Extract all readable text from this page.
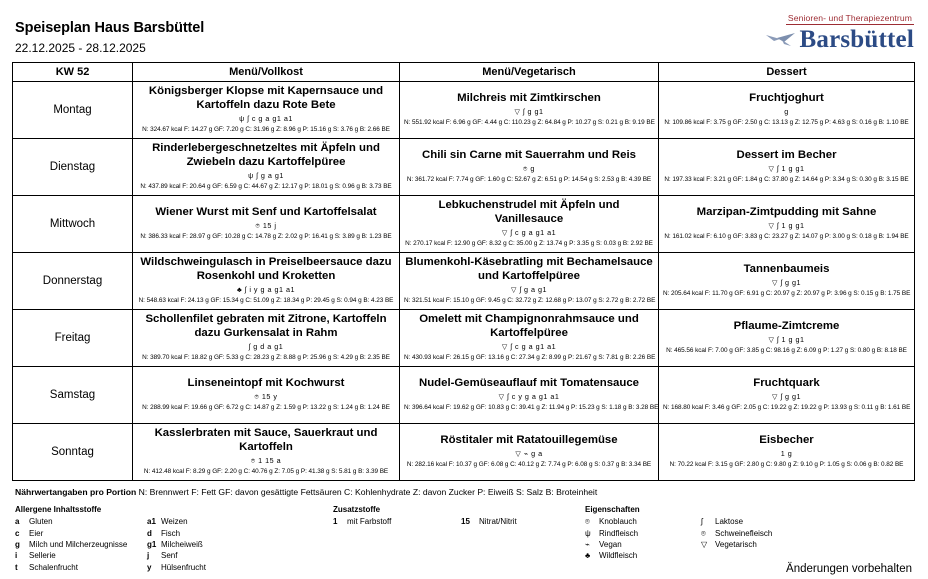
Speiseplan Haus Barsbüttel
22.12.2025 - 28.12.2025
Senioren- und Therapiezentrum
Barsbüttel
KW 52	Menü/Vollkost	Menü/Vegetarisch	Dessert
Montag	
Königsberger Klopse mit Kapernsauce und Kartoffeln dazu Rote Bete
ψ ʃ c g a g1 a1
N: 324.67 kcal F: 14.27 g GF: 7.20 g C: 31.96 g Z: 8.96 g P: 15.16 g S: 3.76 g B: 2.66 BE

Milchreis mit Zimtkirschen
▽ ʃ g g1
N: 551.92 kcal F: 6.96 g GF: 4.44 g C: 110.23 g Z: 64.84 g P: 10.27 g S: 0.21 g B: 9.19 BE

Fruchtjoghurt
g
N: 109.86 kcal F: 3.75 g GF: 2.50 g C: 13.13 g Z: 12.75 g P: 4.63 g S: 0.16 g B: 1.10 BE

Dienstag	
Rinderlebergeschnetzeltes mit Äpfeln und Zwiebeln dazu Kartoffelpüree
ψ ʃ g a g1
N: 437.89 kcal F: 20.64 g GF: 6.59 g C: 44.67 g Z: 12.17 g P: 18.01 g S: 0.96 g B: 3.73 BE

Chili sin Carne mit Sauerrahm und Reis
⌾ g
N: 361.72 kcal F: 7.74 g GF: 1.60 g C: 52.67 g Z: 6.51 g P: 14.54 g S: 2.53 g B: 4.39 BE

Dessert im Becher
▽ ʃ 1 g g1
N: 197.33 kcal F: 3.21 g GF: 1.84 g C: 37.80 g Z: 14.64 g P: 3.34 g S: 0.30 g B: 3.15 BE

Mittwoch	
Wiener Wurst mit Senf und Kartoffelsalat
⌾ 15 j
N: 386.33 kcal F: 28.97 g GF: 10.28 g C: 14.78 g Z: 2.02 g P: 16.41 g S: 3.89 g B: 1.23 BE

Lebkuchenstrudel mit Äpfeln und Vanillesauce
▽ ʃ c g a g1 a1
N: 270.17 kcal F: 12.90 g GF: 8.32 g C: 35.00 g Z: 13.74 g P: 3.35 g S: 0.03 g B: 2.92 BE

Marzipan-Zimtpudding mit Sahne
▽ ʃ 1 g g1
N: 161.02 kcal F: 6.10 g GF: 3.83 g C: 23.27 g Z: 14.07 g P: 3.00 g S: 0.18 g B: 1.94 BE

Donnerstag	
Wildschweingulasch in Preiselbeersauce dazu Rosenkohl und Kroketten
♣ ʃ i y g a g1 a1
N: 548.63 kcal F: 24.13 g GF: 15.34 g C: 51.09 g Z: 18.34 g P: 29.45 g S: 0.94 g B: 4.23 BE

Blumenkohl-Käsebratling mit Bechamelsauce und Kartoffelpüree
▽ ʃ g a g1
N: 321.51 kcal F: 15.10 g GF: 9.45 g C: 32.72 g Z: 12.68 g P: 13.07 g S: 2.72 g B: 2.72 BE

Tannenbaumeis
▽ ʃ g g1
N: 205.64 kcal F: 11.70 g GF: 6.91 g C: 20.97 g Z: 20.97 g P: 3.96 g S: 0.15 g B: 1.75 BE

Freitag	
Schollenfilet gebraten mit Zitrone, Kartoffeln dazu Gurkensalat in Rahm
ʃ g d a g1
N: 389.70 kcal F: 18.82 g GF: 5.33 g C: 28.23 g Z: 8.88 g P: 25.96 g S: 4.29 g B: 2.35 BE

Omelett mit Champignonrahmsauce und Kartoffelpüree
▽ ʃ c g a g1 a1
N: 430.93 kcal F: 26.15 g GF: 13.16 g C: 27.34 g Z: 8.99 g P: 21.67 g S: 7.81 g B: 2.26 BE

Pflaume-Zimtcreme
▽ ʃ 1 g g1
N: 465.56 kcal F: 7.00 g GF: 3.85 g C: 98.16 g Z: 6.09 g P: 1.27 g S: 0.80 g B: 8.18 BE

Samstag	
Linseneintopf mit Kochwurst
⌾ 15 y
N: 288.99 kcal F: 19.66 g GF: 6.72 g C: 14.87 g Z: 1.59 g P: 13.22 g S: 1.24 g B: 1.24 BE

Nudel-Gemüseauflauf mit Tomatensauce
▽ ʃ c y g a g1 a1
N: 396.64 kcal F: 19.62 g GF: 10.83 g C: 39.41 g Z: 11.94 g P: 15.23 g S: 1.18 g B: 3.28 BE

Fruchtquark
▽ ʃ g g1
N: 168.80 kcal F: 3.46 g GF: 2.05 g C: 19.22 g Z: 19.22 g P: 13.93 g S: 0.11 g B: 1.61 BE

Sonntag	
Kasslerbraten mit Sauce, Sauerkraut und Kartoffeln
⌾ 1 15 a
N: 412.48 kcal F: 8.29 g GF: 2.20 g C: 40.76 g Z: 7.05 g P: 41.38 g S: 5.81 g B: 3.39 BE

Röstitaler mit Ratatouillegemüse
▽ ⌁ g a
N: 282.16 kcal F: 10.37 g GF: 6.08 g C: 40.12 g Z: 7.74 g P: 6.08 g S: 0.37 g B: 3.34 BE

Eisbecher
1 g
N: 70.22 kcal F: 3.15 g GF: 2.80 g C: 9.80 g Z: 9.10 g P: 1.05 g S: 0.06 g B: 0.82 BE
Nährwertangaben pro Portion N: Brennwert F: Fett GF: davon gesättigte Fettsäuren C: Kohlenhydrate Z: davon Zucker P: Eiweiß S: Salz B: Broteinheit
Allergene Inhaltsstoffe
a	Gluten
c	Eier
g	Milch und Milcherzeugnisse
i	Sellerie
t	Schalenfrucht
a1 Weizen
d	Fisch
g1 Milcheiweiß
j	Senf
y	Hülsenfrucht
Zusatzstoffe
1	mit Farbstoff	15	Nitrat/Nitrit
Eigenschaften
⌾	Knoblauch
ψ	Rindfleisch
⌁	Vegan
♣	Wildfleisch
ʃ	Laktose
⌾	Schweinefleisch
▽ Vegetarisch
Änderungen vorbehalten
